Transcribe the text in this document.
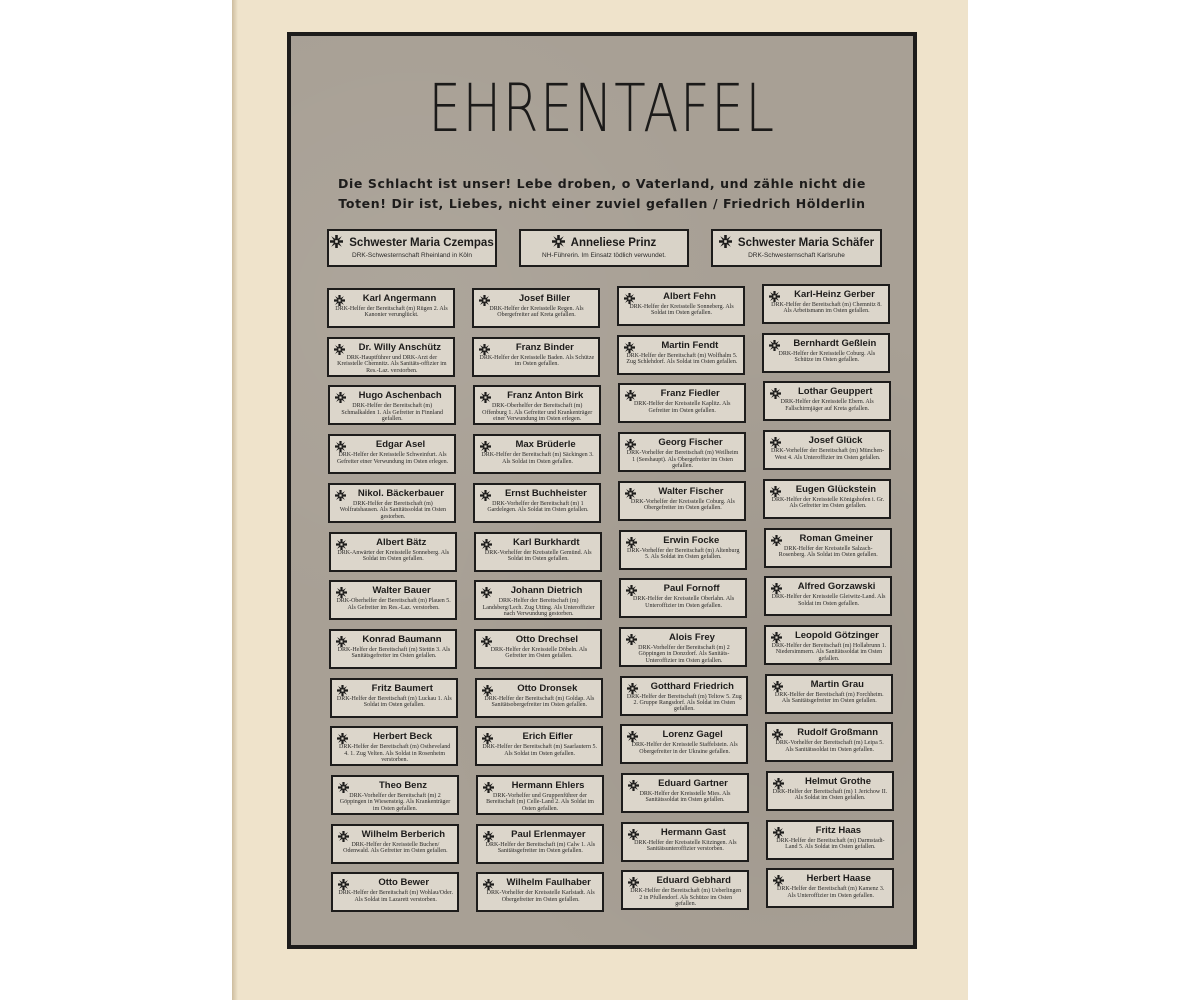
EHRENTAFEL
Die Schlacht ist unser! Lebe droben, o Vaterland, und zähle nicht die
Toten! Dir ist, Liebes, nicht einer zuviel gefallen / Friedrich Hölderlin
Schwester Maria Czempas
DRK-Schwesternschaft Rheinland in Köln
Anneliese Prinz
NH-Führerin. Im Einsatz tödlich verwundet.
Schwester Maria Schäfer
DRK-Schwesternschaft Karlsruhe
Karl Angermann
DRK-Helfer der Bereitschaft (m) Rügen 2. Als Kanonier verunglückt.
Dr. Willy Anschütz
DRK-Hauptführer und DRK-Arzt der Kreisstelle Chemnitz. Als Sanitäts-offizier im Res.-Laz. verstorben.
Hugo Aschenbach
DRK-Helfer der Bereitschaft (m) Schmalkalden 1. Als Gefreiter in Finnland gefallen.
Edgar Asel
DRK-Helfer der Kreisstelle Schweinfurt. Als Gefreiter einer Verwundung im Osten erlegen.
Nikol. Bäckerbauer
DRK-Helfer der Bereitschaft (m) Wolfratshausen. Als Sanitätssoldat im Osten gestorben.
Albert Bätz
DRK-Anwärter der Kreisstelle Sonneberg. Als Soldat im Osten gefallen.
Walter Bauer
DRK-Oberhelfer der Bereitschaft (m) Plauen 5. Als Gefreiter im Res.-Laz. verstorben.
Konrad Baumann
DRK-Helfer der Bereitschaft (m) Stettin 3. Als Sanitätsgefreiter im Osten gefallen.
Fritz Baumert
DRK-Helfer der Bereitschaft (m) Luckau 1. Als Soldat im Osten gefallen.
Herbert Beck
DRK-Helfer der Bereitschaft (m) Ostheveland 4. 1. Zug Velten. Als Soldat in Rosenheim verstorben.
Theo Benz
DRK-Vorhelfer der Bereitschaft (m) 2 Göppingen in Wiesensteig. Als Krankenträger im Osten gefallen.
Wilhelm Berberich
DRK-Helfer der Kreisstelle Buchen/ Odenwald. Als Gefreiter im Osten gefallen.
Otto Bewer
DRK-Helfer der Bereitschaft (m) Wohlau/Oder. Als Soldat im Lazarett verstorben.
Josef Biller
DRK-Helfer der Kreisstelle Regen. Als Obergefreiter auf Kreta gefallen.
Franz Binder
DRK-Helfer der Kreisstelle Baden. Als Schütze im Osten gefallen.
Franz Anton Birk
DRK-Oberhelfer der Bereitschaft (m) Offenburg 1. Als Gefreiter und Krankenträger einer Verwundung im Osten erlegen.
Max Brüderle
DRK-Helfer der Bereitschaft (m) Säckingen 3. Als Soldat im Osten gefallen.
Ernst Buchheister
DRK-Vorhelfer der Bereitschaft (m) 1 Gardelegen. Als Soldat im Osten gefallen.
Karl Burkhardt
DRK-Vorhelfer der Kreisstelle Gemünd. Als Soldat im Osten gefallen.
Johann Dietrich
DRK-Helfer der Bereitschaft (m) Landsberg/Lech. Zug Utting. Als Unteroffizier nach Verwundung gestorben.
Otto Drechsel
DRK-Helfer der Kreisstelle Döbeln. Als Gefreiter im Osten gefallen.
Otto Dronsek
DRK-Helfer der Bereitschaft (m) Goldap. Als Sanitätsobergefreiter im Osten gefallen.
Erich Eifler
DRK-Helfer der Bereitschaft (m) Saarlautern 5. Als Soldat im Osten gefallen.
Hermann Ehlers
DRK-Vorhelfer und Gruppenführer der Bereitschaft (m) Celle-Land 2. Als Soldat im Osten gefallen.
Paul Erlenmayer
DRK-Helfer der Bereitschaft (m) Calw 1. Als Sanitätsgefreiter im Osten gefallen.
Wilhelm Faulhaber
DRK-Vorhelfer der Kreisstelle Karlstadt. Als Obergefreiter im Osten gefallen.
Albert Fehn
DRK-Helfer der Kreisstelle Sonneberg. Als Soldat im Osten gefallen.
Martin Fendt
DRK-Helfer der Bereitschaft (m) Wolfhalm 5. Zug Schlehdorf. Als Soldat im Osten gefallen.
Franz Fiedler
DRK-Helfer der Kreisstelle Kaplitz. Als Gefreiter im Osten gefallen.
Georg Fischer
DRK-Vorhelfer der Bereitschaft (m) Weilheim 1 (Seeshaupt). Als Obergefreiter im Osten gefallen.
Walter Fischer
DRK-Vorhelfer der Kreisstelle Coburg. Als Obergefreiter im Osten gefallen.
Erwin Focke
DRK-Vorhelfer der Bereitschaft (m) Altenburg 5. Als Soldat im Osten gefallen.
Paul Fornoff
DRK-Helfer der Kreisstelle Oberlahn. Als Unteroffizier im Osten gefallen.
Alois Frey
DRK-Vorhelfer der Bereitschaft (m) 2 Göppingen in Donzdorf. Als Sanitäts-Unteroffizier im Osten gefallen.
Gotthard Friedrich
DRK-Helfer der Bereitschaft (m) Teltow 5. Zug 2. Gruppe Rangsdorf. Als Soldat im Osten gefallen.
Lorenz Gagel
DRK-Helfer der Kreisstelle Staffelstein. Als Obergefreiter in der Ukraine gefallen.
Eduard Gartner
DRK-Helfer der Kreisstelle Mies. Als Sanitätssoldat im Osten gefallen.
Hermann Gast
DRK-Helfer der Kreisstelle Kitzingen. Als Sanitätsunteroffizier verstorben.
Eduard Gebhard
DRK-Helfer der Bereitschaft (m) Ueberlingen 2 in Pfullendorf. Als Schütze im Osten gefallen.
Karl-Heinz Gerber
DRK-Helfer der Bereitschaft (m) Chemnitz 8. Als Arbeitsmann im Osten gefallen.
Bernhardt Geßlein
DRK-Helfer der Kreisstelle Coburg. Als Schütze im Osten gefallen.
Lothar Geuppert
DRK-Helfer der Kreisstelle Ebern. Als Fallschirmjäger auf Kreta gefallen.
Josef Glück
DRK-Vorhelfer der Bereitschaft (m) München-West 4. Als Unteroffizier im Osten gefallen.
Eugen Glückstein
DRK-Helfer der Kreisstelle Königshofen i. Gr. Als Gefreiter im Osten gefallen.
Roman Gmeiner
DRK-Helfer der Kreisstelle Salzach-Rosenberg. Als Soldat im Osten gefallen.
Alfred Gorzawski
DRK-Helfer der Kreisstelle Gleiwitz-Land. Als Soldat im Osten gefallen.
Leopold Götzinger
DRK-Helfer der Bereitschaft (m) Hollabrunn 1. Niedersimmern. Als Sanitätssoldat im Osten gefallen.
Martin Grau
DRK-Helfer der Bereitschaft (m) Forchheim. Als Sanitätsgefreiter im Osten gefallen.
Rudolf Großmann
DRK-Vorhelfer der Bereitschaft (m) Leipa 5. Als Sanitätssoldat im Osten gefallen.
Helmut Grothe
DRK-Helfer der Bereitschaft (m) 1 Jerichow II. Als Soldat im Osten gefallen.
Fritz Haas
DRK-Helfer der Bereitschaft (m) Darmstadt-Land 5. Als Soldat im Osten gefallen.
Herbert Haase
DRK-Helfer der Bereitschaft (m) Kamenz 3. Als Unteroffizier im Osten gefallen.
